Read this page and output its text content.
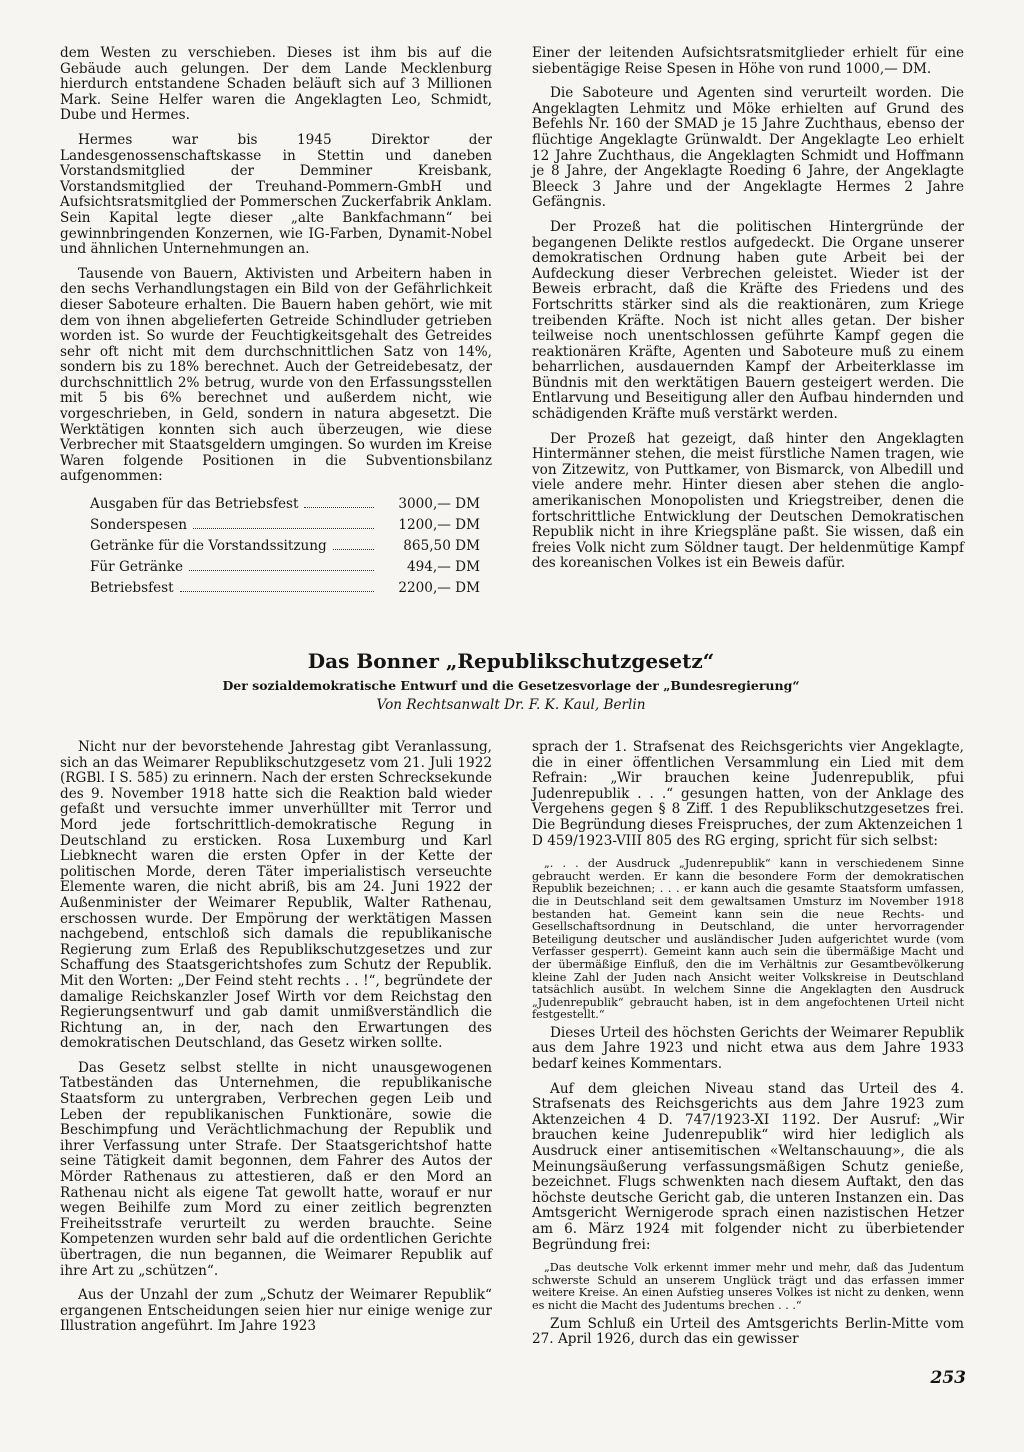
dem Westen zu verschieben. Dieses ist ihm bis auf die Gebäude auch gelungen. Der dem Lande Mecklenburg hierdurch entstandene Schaden beläuft sich auf 3 Millionen Mark. Seine Helfer waren die Angeklagten Leo, Schmidt, Dube und Hermes.

Hermes war bis 1945 Direktor der Landesgenossenschaftskasse in Stettin und daneben Vorstandsmitglied der Demminer Kreisbank, Vorstandsmitglied der Treuhand-Pommern-GmbH und Aufsichtsratsmitglied der Pommerschen Zuckerfabrik Anklam. Sein Kapital legte dieser „alte Bankfachmann“ bei gewinnbringenden Konzernen, wie IG-Farben, Dynamit-Nobel und ähnlichen Unternehmungen an.

Tausende von Bauern, Aktivisten und Arbeitern haben in den sechs Verhandlungstagen ein Bild von der Gefährlichkeit dieser Saboteure erhalten. Die Bauern haben gehört, wie mit dem von ihnen abgelieferten Getreide Schindluder getrieben worden ist. So wurde der Feuchtigkeitsgehalt des Getreides sehr oft nicht mit dem durchschnittlichen Satz von 14%, sondern bis zu 18% berechnet. Auch der Getreidebesatz, der durchschnittlich 2% betrug, wurde von den Erfassungsstellen mit 5 bis 6% berechnet und außerdem nicht, wie vorgeschrieben, in Geld, sondern in natura abgesetzt. Die Werktätigen konnten sich auch überzeugen, wie diese Verbrecher mit Staatsgeldern umgingen. So wurden im Kreise Waren folgende Positionen in die Subventionsbilanz aufgenommen:

Ausgaben für das Betriebsfest	3000,— DM
Sonderspesen	1200,— DM
Getränke für die Vorstandssitzung	865,50 DM
Für Getränke	494,— DM
Betriebsfest	2200,— DM

Einer der leitenden Aufsichtsratsmitglieder erhielt für eine siebentägige Reise Spesen in Höhe von rund 1000,— DM.

Die Saboteure und Agenten sind verurteilt worden. Die Angeklagten Lehmitz und Möke erhielten auf Grund des Befehls Nr. 160 der SMAD je 15 Jahre Zuchthaus, ebenso der flüchtige Angeklagte Grünwaldt. Der Angeklagte Leo erhielt 12 Jahre Zuchthaus, die Angeklagten Schmidt und Hoffmann je 8 Jahre, der Angeklagte Roeding 6 Jahre, der Angeklagte Bleeck 3 Jahre und der Angeklagte Hermes 2 Jahre Gefängnis.

Der Prozeß hat die politischen Hintergründe der begangenen Delikte restlos aufgedeckt. Die Organe unserer demokratischen Ordnung haben gute Arbeit bei der Aufdeckung dieser Verbrechen geleistet. Wieder ist der Beweis erbracht, daß die Kräfte des Friedens und des Fortschritts stärker sind als die reaktionären, zum Kriege treibenden Kräfte. Noch ist nicht alles getan. Der bisher teilweise noch unentschlossen geführte Kampf gegen die reaktionären Kräfte, Agenten und Saboteure muß zu einem beharrlichen, ausdauernden Kampf der Arbeiterklasse im Bündnis mit den werktätigen Bauern gesteigert werden. Die Entlarvung und Beseitigung aller den Aufbau hindernden und schädigenden Kräfte muß verstärkt werden.

Der Prozeß hat gezeigt, daß hinter den Angeklagten Hintermänner stehen, die meist fürstliche Namen tragen, wie von Zitzewitz, von Puttkamer, von Bismarck, von Albedill und viele andere mehr. Hinter diesen aber stehen die anglo-amerikanischen Monopolisten und Kriegstreiber, denen die fortschrittliche Entwicklung der Deutschen Demokratischen Republik nicht in ihre Kriegspläne paßt. Sie wissen, daß ein freies Volk nicht zum Söldner taugt. Der heldenmütige Kampf des koreanischen Volkes ist ein Beweis dafür.

Das Bonner „Republikschutzgesetz“

Der sozialdemokratische Entwurf und die Gesetzesvorlage der „Bundesregierung“

Von Rechtsanwalt Dr. F. K. Kaul, Berlin

Nicht nur der bevorstehende Jahrestag gibt Veranlassung, sich an das Weimarer Republikschutzgesetz vom 21. Juli 1922 (RGBl. I S. 585) zu erinnern. Nach der ersten Schrecksekunde des 9. November 1918 hatte sich die Reaktion bald wieder gefaßt und versuchte immer unverhüllter mit Terror und Mord jede fortschrittlich-demokratische Regung in Deutschland zu ersticken. Rosa Luxemburg und Karl Liebknecht waren die ersten Opfer in der Kette der politischen Morde, deren Täter imperialistisch verseuchte Elemente waren, die nicht abriß, bis am 24. Juni 1922 der Außenminister der Weimarer Republik, Walter Rathenau, erschossen wurde. Der Empörung der werktätigen Massen nachgebend, entschloß sich damals die republikanische Regierung zum Erlaß des Republikschutzgesetzes und zur Schaffung des Staatsgerichtshofes zum Schutz der Republik. Mit den Worten: „Der Feind steht rechts . . !“, begründete der damalige Reichskanzler Josef Wirth vor dem Reichstag den Regierungsentwurf und gab damit unmißverständlich die Richtung an, in der, nach den Erwartungen des demokratischen Deutschland, das Gesetz wirken sollte.

Das Gesetz selbst stellte in nicht unausgewogenen Tatbeständen das Unternehmen, die republikanische Staatsform zu untergraben, Verbrechen gegen Leib und Leben der republikanischen Funktionäre, sowie die Beschimpfung und Verächtlichmachung der Republik und ihrer Verfassung unter Strafe. Der Staatsgerichtshof hatte seine Tätigkeit damit begonnen, dem Fahrer des Autos der Mörder Rathenaus zu attestieren, daß er den Mord an Rathenau nicht als eigene Tat gewollt hatte, worauf er nur wegen Beihilfe zum Mord zu einer zeitlich begrenzten Freiheitsstrafe verurteilt zu werden brauchte. Seine Kompetenzen wurden sehr bald auf die ordentlichen Gerichte übertragen, die nun begannen, die Weimarer Republik auf ihre Art zu „schützen“.

Aus der Unzahl der zum „Schutz der Weimarer Republik“ ergangenen Entscheidungen seien hier nur einige wenige zur Illustration angeführt. Im Jahre 1923

sprach der 1. Strafsenat des Reichsgerichts vier Angeklagte, die in einer öffentlichen Versammlung ein Lied mit dem Refrain: „Wir brauchen keine Judenrepublik, pfui Judenrepublik . . .“ gesungen hatten, von der Anklage des Vergehens gegen § 8 Ziff. 1 des Republikschutzgesetzes frei. Die Begründung dieses Freispruches, der zum Aktenzeichen 1 D 459/1923-VIII 805 des RG erging, spricht für sich selbst:

„. . . der Ausdruck „Judenrepublik“ kann in verschiedenem Sinne gebraucht werden. Er kann die besondere Form der demokratischen Republik bezeichnen; . . . er kann auch die gesamte Staatsform umfassen, die in Deutschland seit dem gewaltsamen Umsturz im November 1918 bestanden hat. Gemeint kann sein die neue Rechts- und Gesellschaftsordnung in Deutschland, die unter hervorragender Beteiligung deutscher und ausländischer Juden aufgerichtet wurde (vom Verfasser gesperrt). Gemeint kann auch sein die übermäßige Macht und der übermäßige Einfluß, den die im Verhältnis zur Gesamtbevölkerung kleine Zahl der Juden nach Ansicht weiter Volkskreise in Deutschland tatsächlich ausübt. In welchem Sinne die Angeklagten den Ausdruck „Judenrepublik“ gebraucht haben, ist in dem angefochtenen Urteil nicht festgestellt.“

Dieses Urteil des höchsten Gerichts der Weimarer Republik aus dem Jahre 1923 und nicht etwa aus dem Jahre 1933 bedarf keines Kommentars.

Auf dem gleichen Niveau stand das Urteil des 4. Strafsenats des Reichsgerichts aus dem Jahre 1923 zum Aktenzeichen 4 D. 747/1923-XI 1192. Der Ausruf: „Wir brauchen keine Judenrepublik“ wird hier lediglich als Ausdruck einer antisemitischen «Weltanschauung», die als Meinungsäußerung verfassungsmäßigen Schutz genieße, bezeichnet. Flugs schwenkten nach diesem Auftakt, den das höchste deutsche Gericht gab, die unteren Instanzen ein. Das Amtsgericht Wernigerode sprach einen nazistischen Hetzer am 6. März 1924 mit folgender nicht zu überbietender Begründung frei:

„Das deutsche Volk erkennt immer mehr und mehr, daß das Judentum schwerste Schuld an unserem Unglück trägt und das erfassen immer weitere Kreise. An einen Aufstieg unseres Volkes ist nicht zu denken, wenn es nicht die Macht des Judentums brechen . . .“

Zum Schluß ein Urteil des Amtsgerichts Berlin-Mitte vom 27. April 1926, durch das ein gewisser

253
